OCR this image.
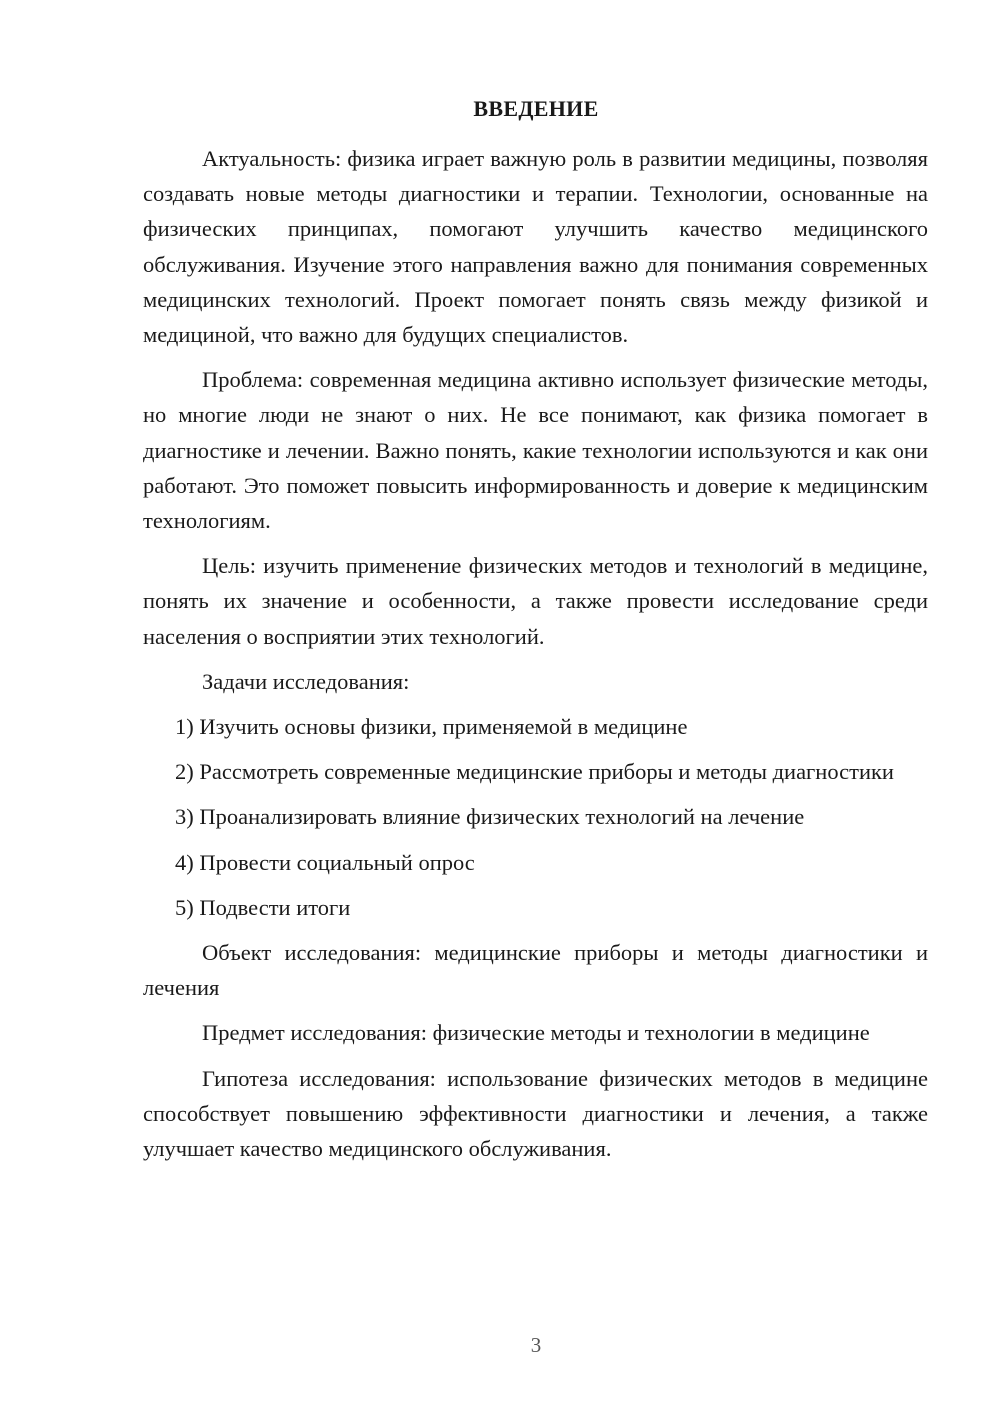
ВВЕДЕНИЕ

Актуальность: физика играет важную роль в развитии медицины, позволяя создавать новые методы диагностики и терапии. Технологии, основанные на физических принципах, помогают улучшить качество медицинского обслуживания. Изучение этого направления важно для понимания современных медицинских технологий. Проект помогает понять связь между физикой и медициной, что важно для будущих специалистов.

Проблема: современная медицина активно использует физические методы, но многие люди не знают о них. Не все понимают, как физика помогает в диагностике и лечении. Важно понять, какие технологии используются и как они работают. Это поможет повысить информированность и доверие к медицинским технологиям.

Цель: изучить применение физических методов и технологий в медицине, понять их значение и особенности, а также провести исследование среди населения о восприятии этих технологий.

Задачи исследования:

1) Изучить основы физики, применяемой в медицине

2) Рассмотреть современные медицинские приборы и методы диагностики

3) Проанализировать влияние физических технологий на лечение

4) Провести социальный опрос

5) Подвести итоги

Объект исследования: медицинские приборы и методы диагностики и лечения

Предмет исследования: физические методы и технологии в медицине

Гипотеза исследования: использование физических методов в медицине способствует повышению эффективности диагностики и лечения, а также улучшает качество медицинского обслуживания.

3
